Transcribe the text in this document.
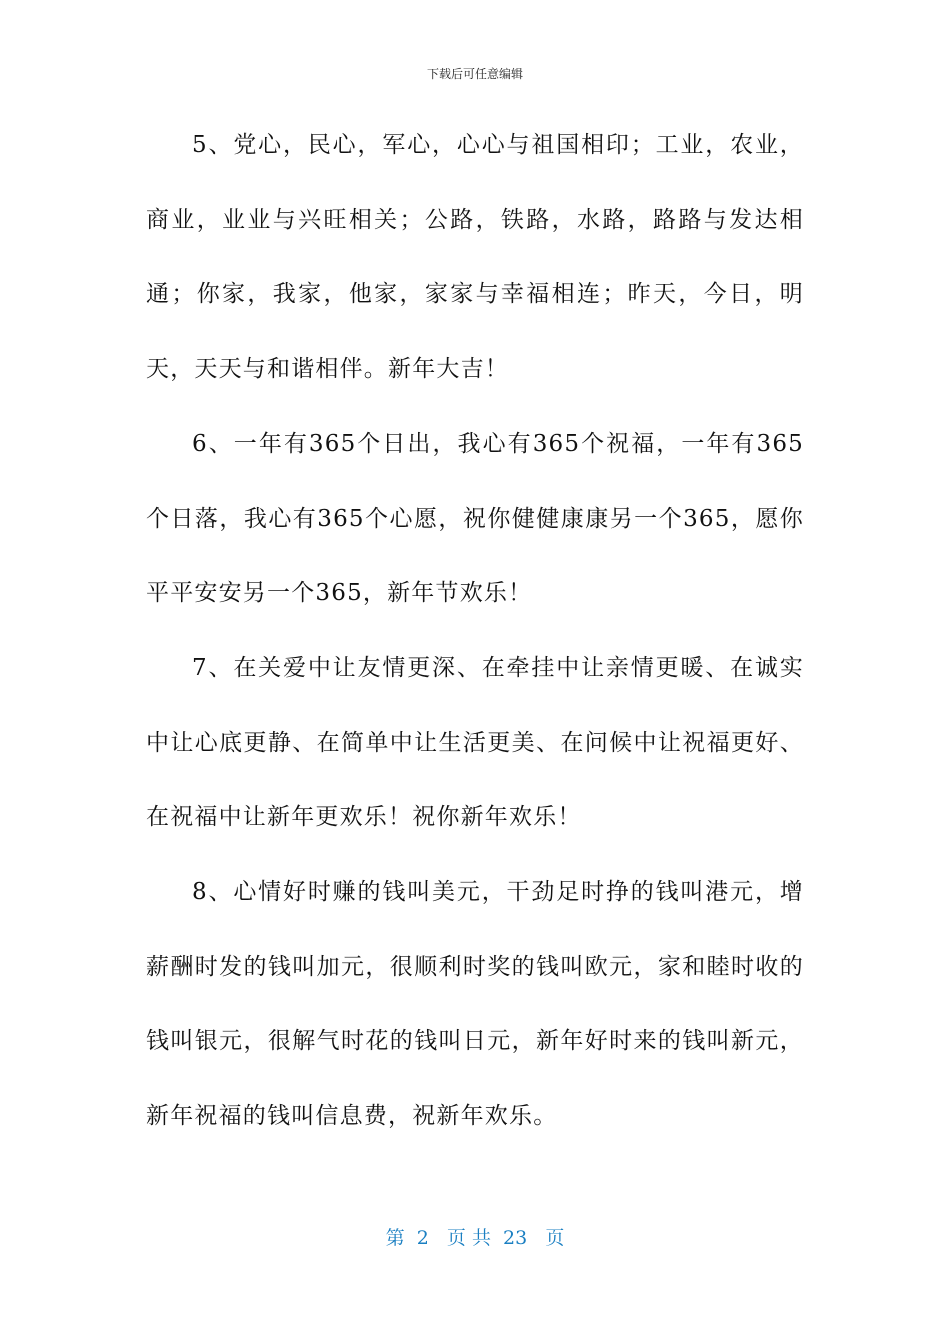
下载后可任意编辑

5、党心，民心，军心，心心与祖国相印；工业，农业，商业，业业与兴旺相关；公路，铁路，水路，路路与发达相通；你家，我家，他家，家家与幸福相连；昨天，今日，明天，天天与和谐相伴。新年大吉！

6、一年有365个日出，我心有365个祝福，一年有365个日落，我心有365个心愿，祝你健健康康另一个365，愿你平平安安另一个365，新年节欢乐！

7、在关爱中让友情更深、在牵挂中让亲情更暖、在诚实中让心底更静、在简单中让生活更美、在问候中让祝福更好、在祝福中让新年更欢乐！祝你新年欢乐！

8、心情好时赚的钱叫美元，干劲足时挣的钱叫港元，增薪酬时发的钱叫加元，很顺利时奖的钱叫欧元，家和睦时收的钱叫银元，很解气时花的钱叫日元，新年好时来的钱叫新元，新年祝福的钱叫信息费，祝新年欢乐。

第  2   页 共  23   页
